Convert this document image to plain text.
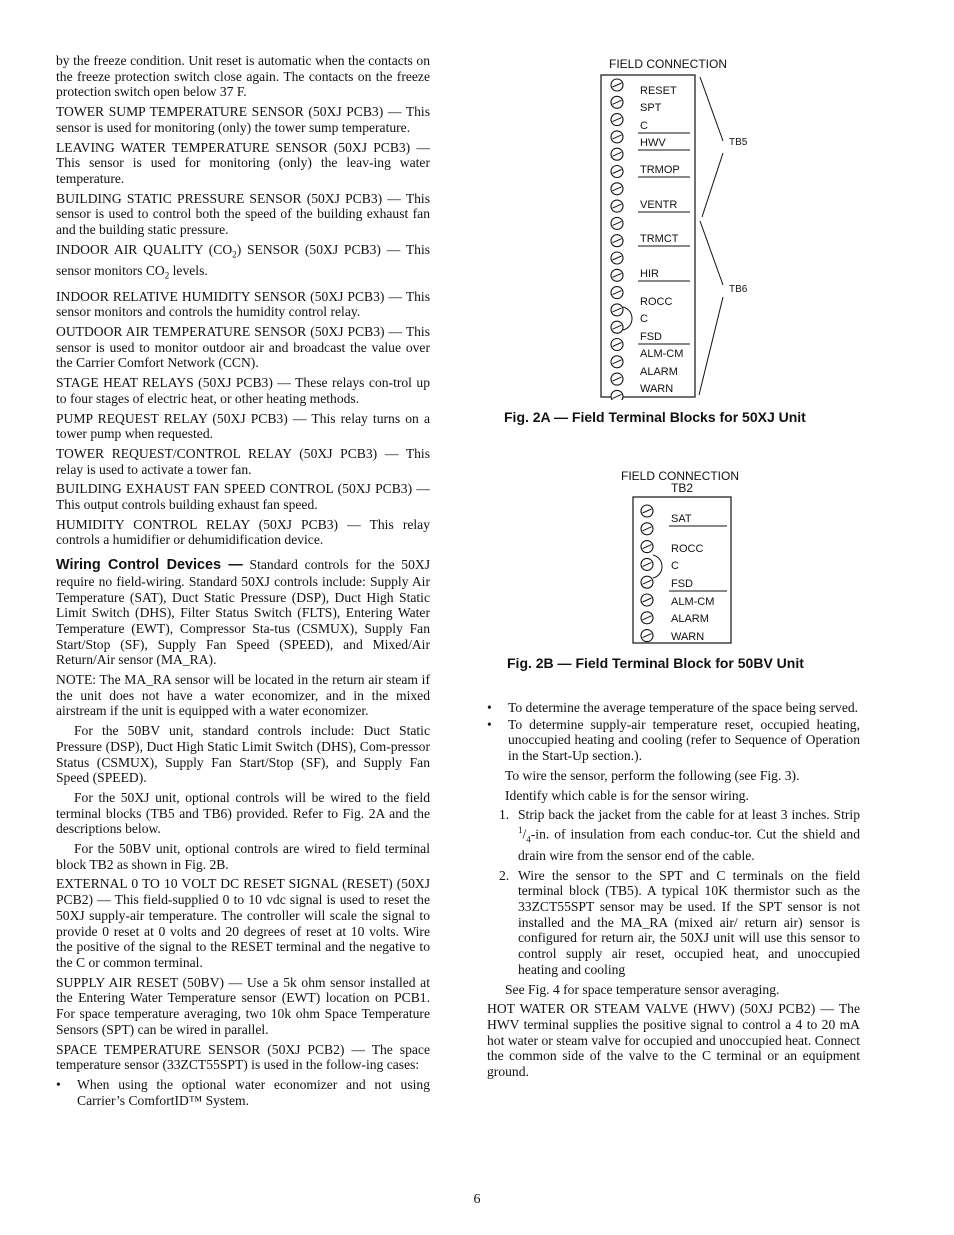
by the freeze condition. Unit reset is automatic when the contacts on the freeze protection switch close again. The contacts on the freeze protection switch open below 37 F.

TOWER SUMP TEMPERATURE SENSOR (50XJ PCB3) — This sensor is used for monitoring (only) the tower sump temperature.

LEAVING WATER TEMPERATURE SENSOR (50XJ PCB3) — This sensor is used for monitoring (only) the leav-ing water temperature.

BUILDING STATIC PRESSURE SENSOR (50XJ PCB3) — This sensor is used to control both the speed of the building exhaust fan and the building static pressure.

INDOOR AIR QUALITY $(CO_2)$ SENSOR (50XJ PCB3) — This sensor monitors $CO_2$ levels.

INDOOR RELATIVE HUMIDITY SENSOR (50XJ PCB3) — This sensor monitors and controls the humidity control relay.

OUTDOOR AIR TEMPERATURE SENSOR (50XJ PCB3) — This sensor is used to monitor outdoor air and broadcast the value over the Carrier Comfort Network (CCN).

STAGE HEAT RELAYS (50XJ PCB3) — These relays con-trol up to four stages of electric heat, or other heating methods.

PUMP REQUEST RELAY (50XJ PCB3) — This relay turns on a tower pump when requested.

TOWER REQUEST/CONTROL RELAY (50XJ PCB3) — This relay is used to activate a tower fan.

BUILDING EXHAUST FAN SPEED CONTROL (50XJ PCB3) — This output controls building exhaust fan speed.

HUMIDITY CONTROL RELAY (50XJ PCB3) — This relay controls a humidifier or dehumidification device.

Wiring Control Devices — Standard controls for the 50XJ require no field-wiring. Standard 50XJ controls include: Supply Air Temperature (SAT), Duct Static Pressure (DSP), Duct High Static Limit Switch (DHS), Filter Status Switch (FLTS), Entering Water Temperature (EWT), Compressor Sta-tus (CSMUX), Supply Fan Start/Stop (SF), Supply Fan Speed (SPEED), and Mixed/Air Return/Air sensor (MA_RA).

NOTE: The MA_RA sensor will be located in the return air steam if the unit does not have a water economizer, and in the mixed airstream if the unit is equipped with a water economizer.

For the 50BV unit, standard controls include: Duct Static Pressure (DSP), Duct High Static Limit Switch (DHS), Com-pressor Status (CSMUX), Supply Fan Start/Stop (SF), and Supply Fan Speed (SPEED).

For the 50XJ unit, optional controls will be wired to the field terminal blocks (TB5 and TB6) provided. Refer to Fig. 2A and the descriptions below.

For the 50BV unit, optional controls are wired to field terminal block TB2 as shown in Fig. 2B.

EXTERNAL 0 TO 10 VOLT DC RESET SIGNAL (RESET) (50XJ PCB2) — This field-supplied 0 to 10 vdc signal is used to reset the 50XJ supply-air temperature. The controller will scale the signal to provide 0 reset at 0 volts and 20 degrees of reset at 10 volts. Wire the positive of the signal to the RESET terminal and the negative to the C or common terminal.

SUPPLY AIR RESET (50BV) — Use a 5k ohm sensor installed at the Entering Water Temperature sensor (EWT) location on PCB1. For space temperature averaging, two 10k ohm Space Temperature Sensors (SPT) can be wired in parallel.

SPACE TEMPERATURE SENSOR (50XJ PCB2) — The space temperature sensor (33ZCT55SPT) is used in the follow-ing cases:

•	When using the optional water economizer and not using Carrier’s ComfortID™ System.
FIELD CONNECTION
RESET
SPT
C
HWV
TRMOP
VENTR
TRMCT
HIR
ROCC
C
FSD
ALM-CM
ALARM
WARN
TB5
TB6
Fig. 2A — Field Terminal Blocks for 50XJ Unit
FIELD CONNECTION
TB2
SAT
ROCC
C
FSD
ALM-CM
ALARM
WARN
Fig. 2B — Field Terminal Block for 50BV Unit
•	To determine the average temperature of the space being served.
•	To determine supply-air temperature reset, occupied heating, unoccupied heating and cooling (refer to Sequence of Operation in the Start-Up section.).

To wire the sensor, perform the following (see Fig. 3).

Identify which cable is for the sensor wiring.

1. Strip back the jacket from the cable for at least 3 inches. Strip $^1/_4-in$. of insulation from each conduc-tor. Cut the shield and drain wire from the sensor end of the cable.
2. Wire the sensor to the SPT and C terminals on the field terminal block (TB5). A typical 10K thermistor such as the 33ZCT55SPT sensor may be used. If the SPT sensor is not installed and the MA_RA (mixed air/ return air) sensor is configured for return air, the 50XJ unit will use this sensor to control supply air reset, occupied heat, and unoccupied heating and cooling

See Fig. 4 for space temperature sensor averaging.

HOT WATER OR STEAM VALVE (HWV) (50XJ PCB2) — The HWV terminal supplies the positive signal to control a 4 to 20 mA hot water or steam valve for occupied and unoccupied heat. Connect the common side of the valve to the C terminal or an equipment ground.

6
